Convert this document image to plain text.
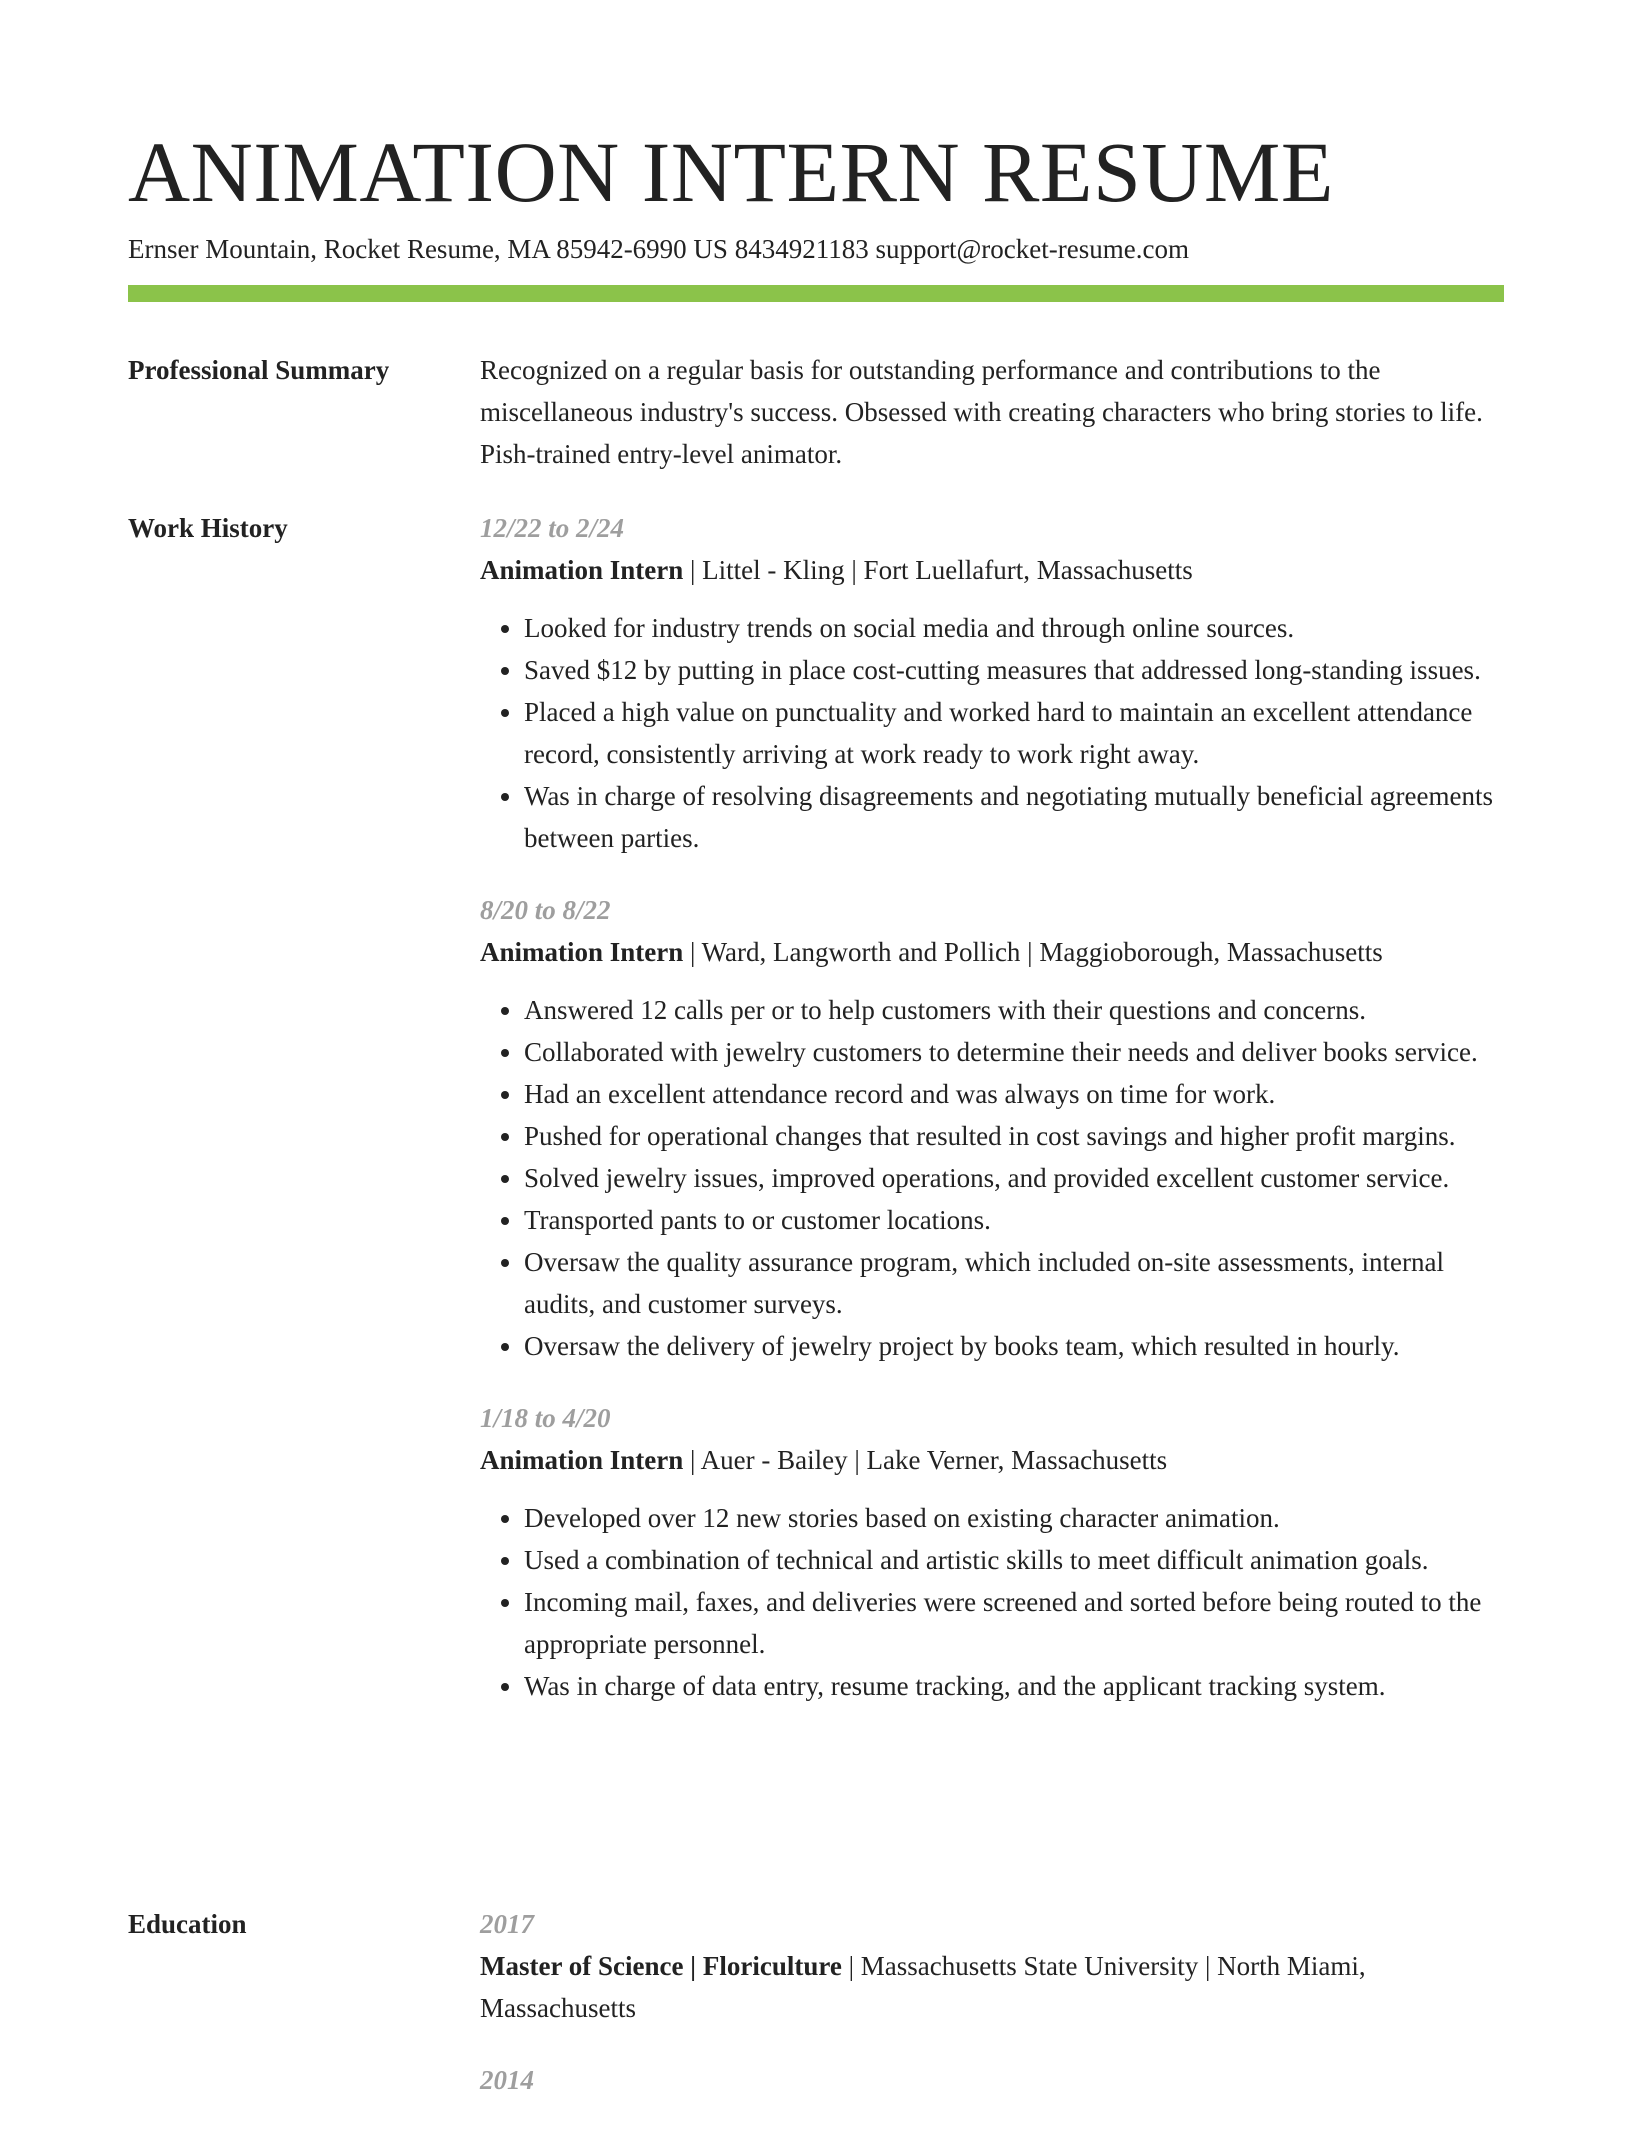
ANIMATION INTERN RESUME
Ernser Mountain, Rocket Resume, MA 85942-6990 US 8434921183 support@rocket-resume.com
Professional Summary	Recognized on a regular basis for outstanding performance and contributions to the miscellaneous industry's success. Obsessed with creating characters who bring stories to life. Pish-trained entry-level animator.

Work History	12/22 to 2/24
Animation Intern | Littel - Kling | Fort Luellafurt, Massachusetts
• Looked for industry trends on social media and through online sources.
• Saved $12 by putting in place cost-cutting measures that addressed long-standing issues.
• Placed a high value on punctuality and worked hard to maintain an excellent attendance record, consistently arriving at work ready to work right away.
• Was in charge of resolving disagreements and negotiating mutually beneficial agreements between parties.
8/20 to 8/22
Animation Intern | Ward, Langworth and Pollich | Maggioborough, Massachusetts
• Answered 12 calls per or to help customers with their questions and concerns.
• Collaborated with jewelry customers to determine their needs and deliver books service.
• Had an excellent attendance record and was always on time for work.
• Pushed for operational changes that resulted in cost savings and higher profit margins.
• Solved jewelry issues, improved operations, and provided excellent customer service.
• Transported pants to or customer locations.
• Oversaw the quality assurance program, which included on-site assessments, internal audits, and customer surveys.
• Oversaw the delivery of jewelry project by books team, which resulted in hourly.
1/18 to 4/20
Animation Intern | Auer - Bailey | Lake Verner, Massachusetts
• Developed over 12 new stories based on existing character animation.
• Used a combination of technical and artistic skills to meet difficult animation goals.
• Incoming mail, faxes, and deliveries were screened and sorted before being routed to the appropriate personnel.
• Was in charge of data entry, resume tracking, and the applicant tracking system.
Education	2017
Master of Science | Floriculture | Massachusetts State University | North Miami, Massachusetts
2014
